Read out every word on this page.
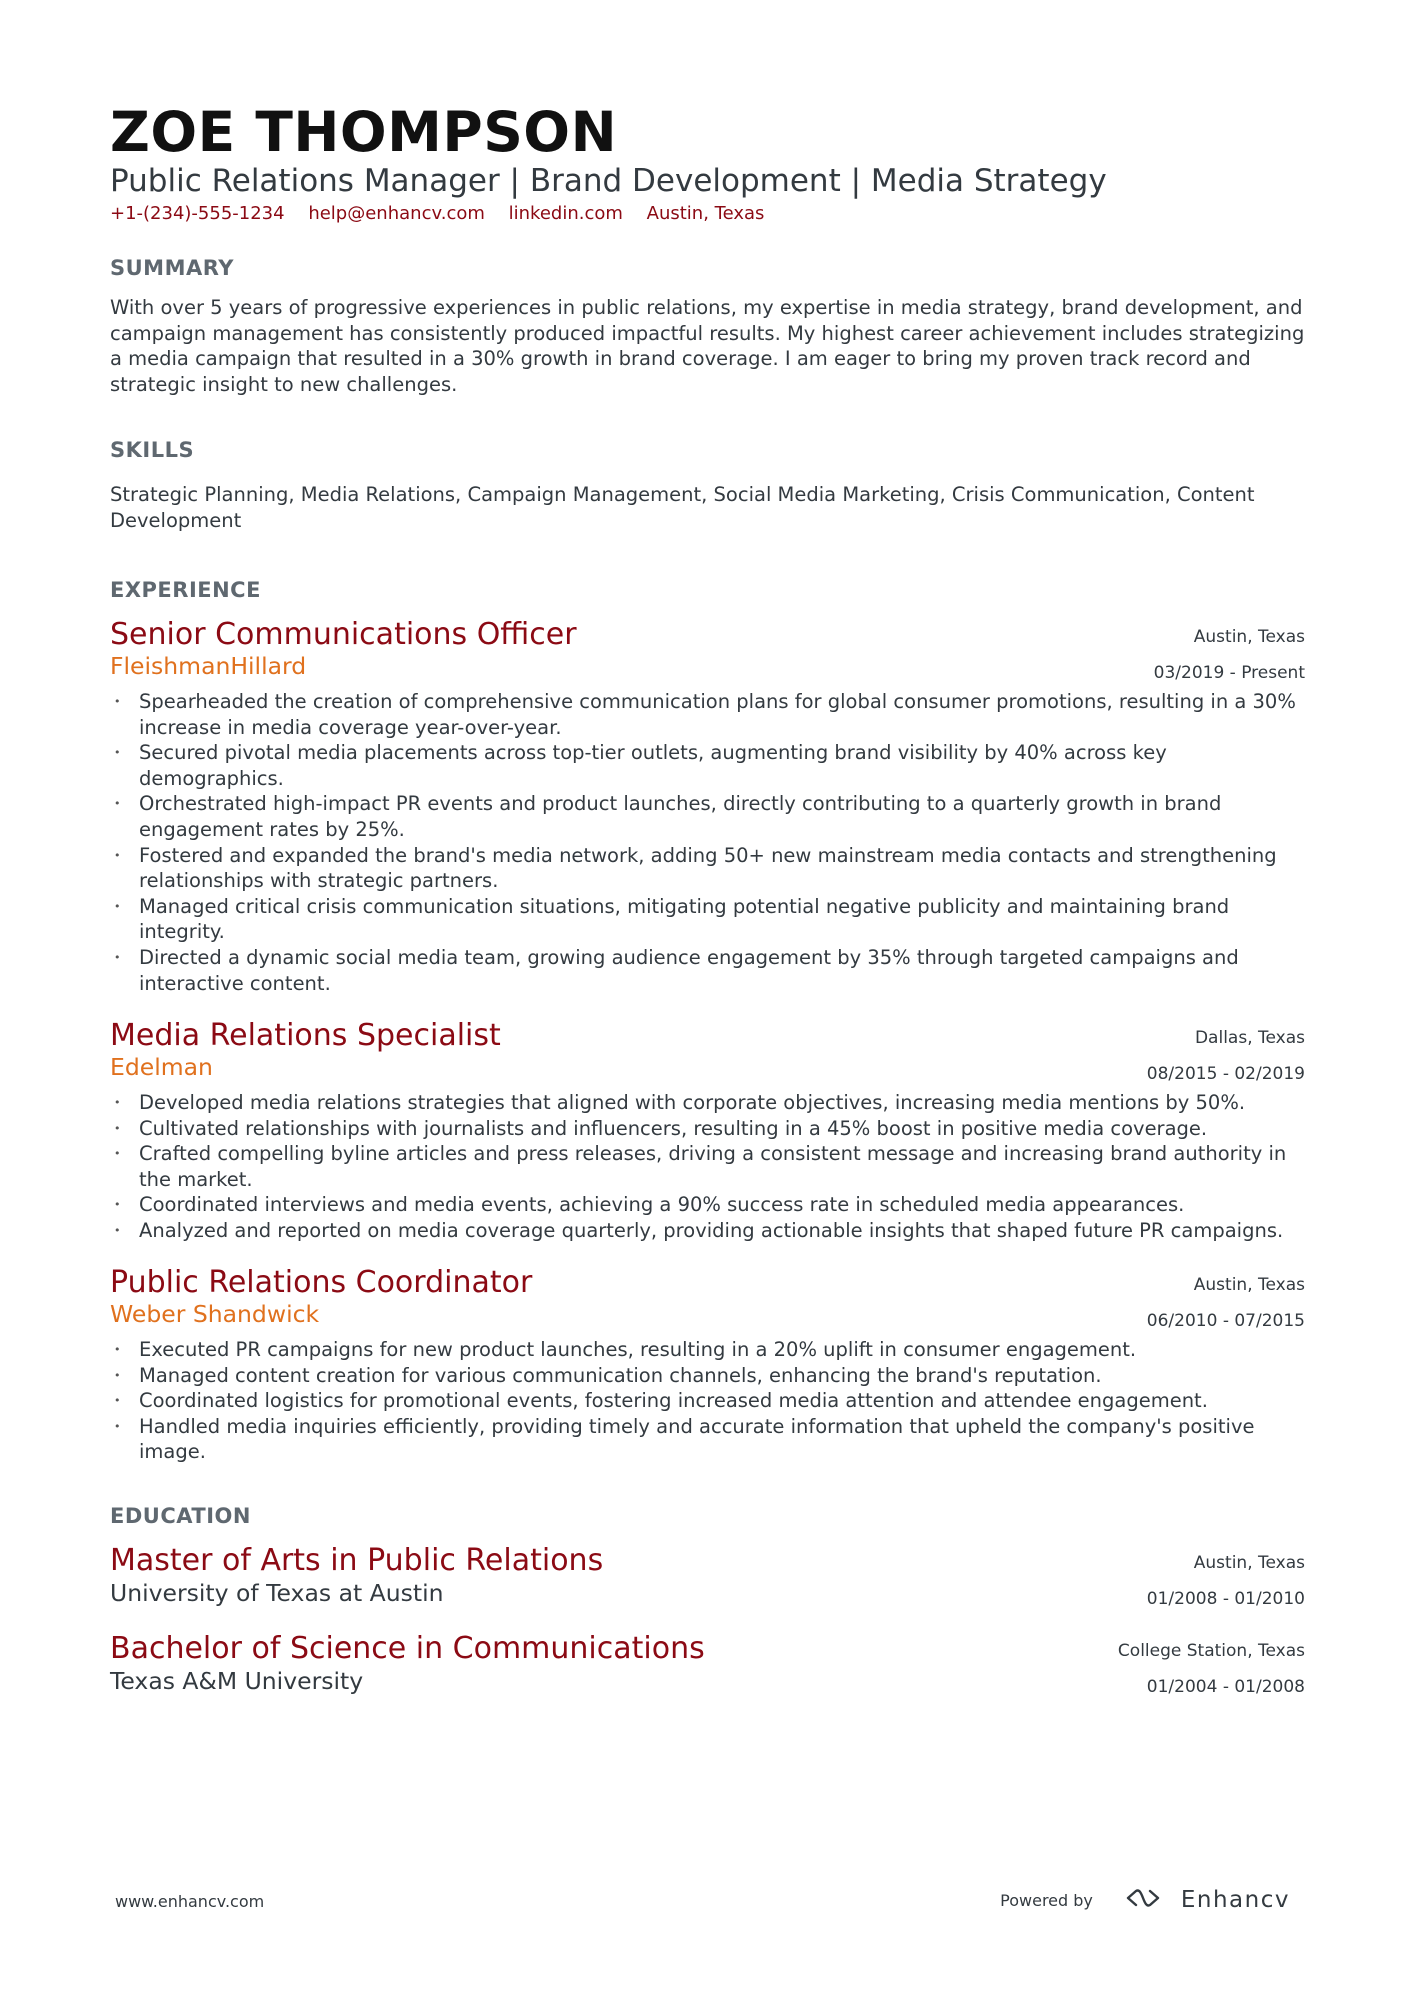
ZOE THOMPSON
Public Relations Manager | Brand Development | Media Strategy
+1-(234)-555-1234 help@enhancv.com linkedin.com Austin, Texas
SUMMARY
With over 5 years of progressive experiences in public relations, my expertise in media strategy, brand development, and campaign management has consistently produced impactful results. My highest career achievement includes strategizing a media campaign that resulted in a 30% growth in brand coverage. I am eager to bring my proven track record and strategic insight to new challenges.
SKILLS
Strategic Planning, Media Relations, Campaign Management, Social Media Marketing, Crisis Communication, Content Development
EXPERIENCE
Senior Communications Officer
FleishmanHillard
Austin, Texas
03/2019 - Present
• Spearheaded the creation of comprehensive communication plans for global consumer promotions, resulting in a 30% increase in media coverage year-over-year.
• Secured pivotal media placements across top-tier outlets, augmenting brand visibility by 40% across key demographics.
• Orchestrated high-impact PR events and product launches, directly contributing to a quarterly growth in brand engagement rates by 25%.
• Fostered and expanded the brand's media network, adding 50+ new mainstream media contacts and strengthening relationships with strategic partners.
• Managed critical crisis communication situations, mitigating potential negative publicity and maintaining brand integrity.
• Directed a dynamic social media team, growing audience engagement by 35% through targeted campaigns and interactive content.
Media Relations Specialist
Edelman
Dallas, Texas
08/2015 - 02/2019
• Developed media relations strategies that aligned with corporate objectives, increasing media mentions by 50%.
• Cultivated relationships with journalists and influencers, resulting in a 45% boost in positive media coverage.
• Crafted compelling byline articles and press releases, driving a consistent message and increasing brand authority in the market.
• Coordinated interviews and media events, achieving a 90% success rate in scheduled media appearances.
• Analyzed and reported on media coverage quarterly, providing actionable insights that shaped future PR campaigns.
Public Relations Coordinator
Weber Shandwick
Austin, Texas
06/2010 - 07/2015
• Executed PR campaigns for new product launches, resulting in a 20% uplift in consumer engagement.
• Managed content creation for various communication channels, enhancing the brand's reputation.
• Coordinated logistics for promotional events, fostering increased media attention and attendee engagement.
• Handled media inquiries efficiently, providing timely and accurate information that upheld the company's positive image.
EDUCATION
Master of Arts in Public Relations
University of Texas at Austin
Austin, Texas
01/2008 - 01/2010
Bachelor of Science in Communications
Texas A&M University
College Station, Texas
01/2004 - 01/2008
www.enhancv.com	Powered by	Enhancv
